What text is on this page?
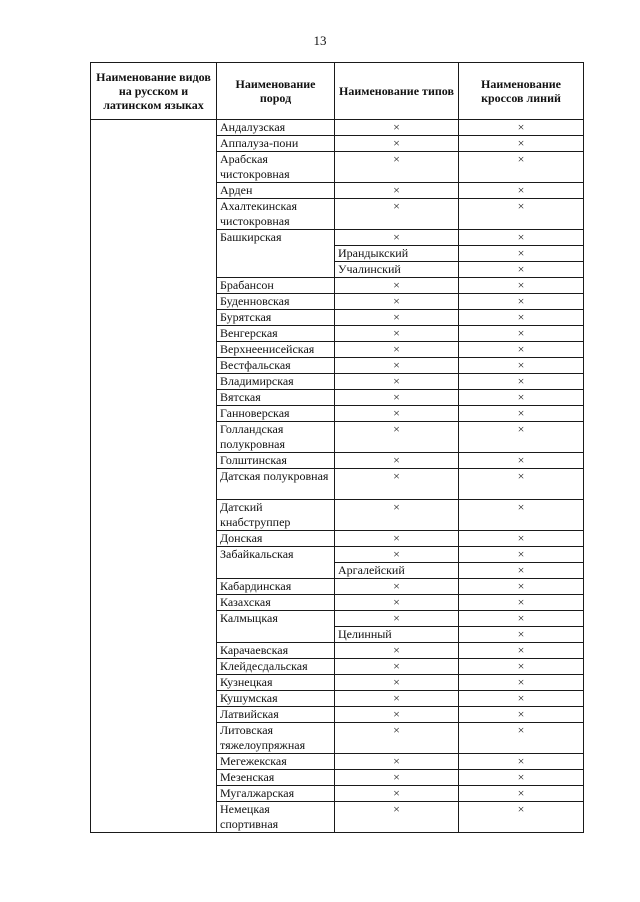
13
Наименование видов на русском и латинском языках	Наименование пород	Наименование типов	Наименование кроссов линий
	Андалузская	×	×
	Аппалуза-пони	×	×
	Арабская чистокровная	×	×
	Арден	×	×
	Ахалтекинская чистокровная	×	×
	Башкирская	×	×
		Ирандыкский	×
		Учалинский	×
	Брабансон	×	×
	Буденновская	×	×
	Бурятская	×	×
	Венгерская	×	×
	Верхнеенисейская	×	×
	Вестфальская	×	×
	Владимирская	×	×
	Вятская	×	×
	Ганноверская	×	×
	Голландская полукровная	×	×
	Голштинская	×	×
	Датская полукровная	×	×
	Датский кнабструппер	×	×
	Донская	×	×
	Забайкальская	×	×
		Аргалейский	×
	Кабардинская	×	×
	Казахская	×	×
	Калмыцкая	×	×
		Целинный	×
	Карачаевская	×	×
	Клейдесдальская	×	×
	Кузнецкая	×	×
	Кушумская	×	×
	Латвийская	×	×
	Литовская тяжелоупряжная	×	×
	Мегежекская	×	×
	Мезенская	×	×
	Мугалжарская	×	×
	Немецкая спортивная	×	×
